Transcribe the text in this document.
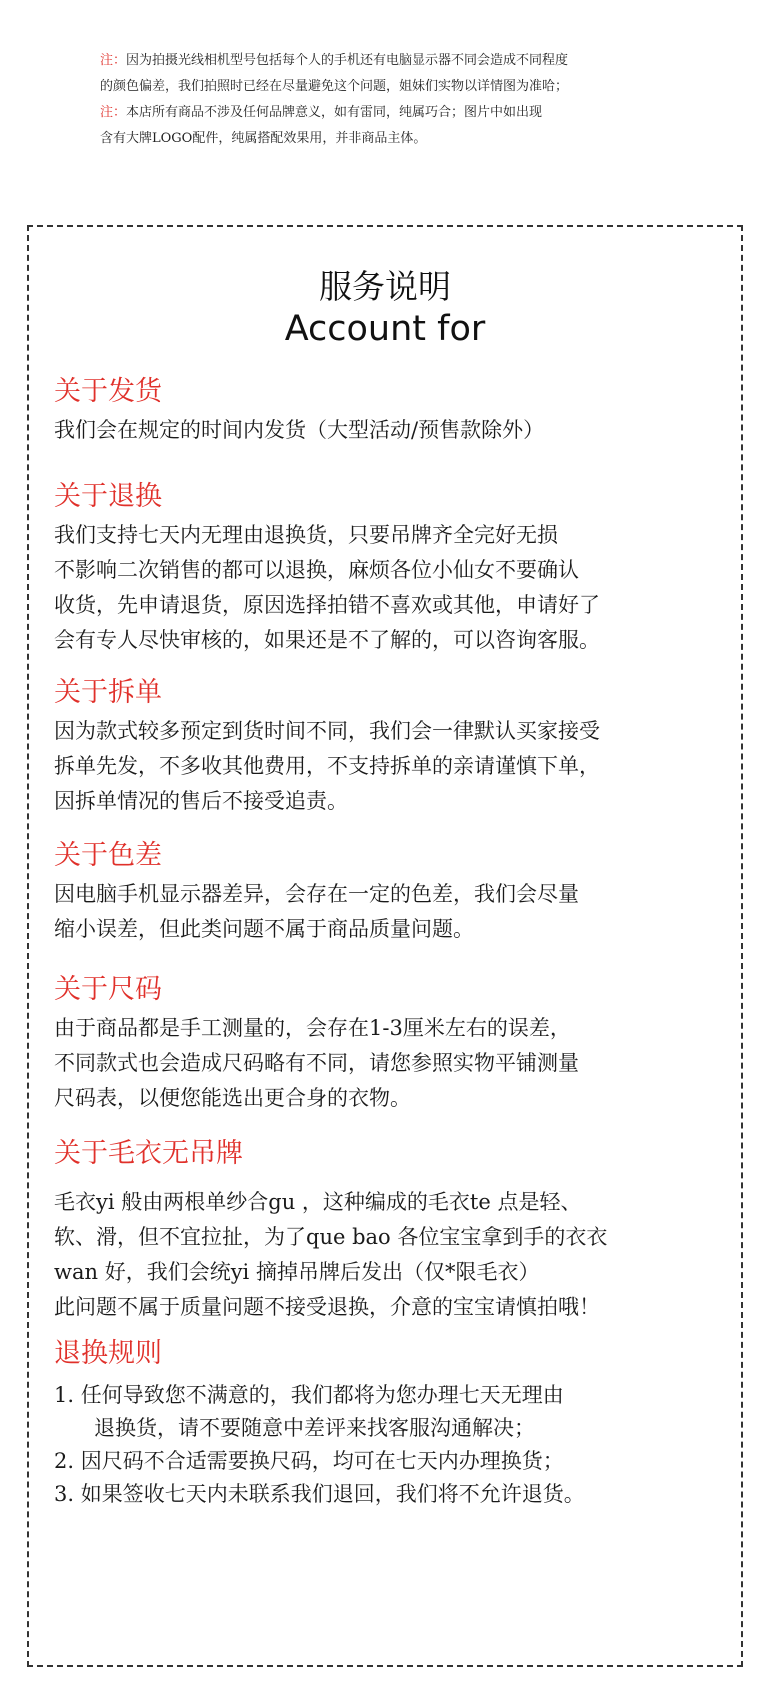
注：因为拍摄光线相机型号包括每个人的手机还有电脑显示器不同会造成不同程度
的颜色偏差，我们拍照时已经在尽量避免这个问题，姐妹们实物以详情图为准哈；
注：本店所有商品不涉及任何品牌意义，如有雷同，纯属巧合；图片中如出现
含有大牌LOGO配件，纯属搭配效果用，并非商品主体。
服务说明
Account for
关于发货
我们会在规定的时间内发货（大型活动/预售款除外）
关于退换
我们支持七天内无理由退换货，只要吊牌齐全完好无损
不影响二次销售的都可以退换，麻烦各位小仙女不要确认
收货，先申请退货，原因选择拍错不喜欢或其他，申请好了
会有专人尽快审核的，如果还是不了解的，可以咨询客服。
关于拆单
因为款式较多预定到货时间不同，我们会一律默认买家接受
拆单先发，不多收其他费用，不支持拆单的亲请谨慎下单，
因拆单情况的售后不接受追责。
关于色差
因电脑手机显示器差异，会存在一定的色差，我们会尽量
缩小误差，但此类问题不属于商品质量问题。
关于尺码
由于商品都是手工测量的，会存在1-3厘米左右的误差，
不同款式也会造成尺码略有不同，请您参照实物平铺测量
尺码表，以便您能选出更合身的衣物。
关于毛衣无吊牌
毛衣yi 般由两根单纱合gu ，这种编成的毛衣te 点是轻、
软、滑，但不宜拉扯，为了que bao 各位宝宝拿到手的衣衣
wan 好，我们会统yi 摘掉吊牌后发出（仅*限毛衣）
此问题不属于质量问题不接受退换，介意的宝宝请慎拍哦！
退换规则
1. 任何导致您不满意的，我们都将为您办理七天无理由
退换货，请不要随意中差评来找客服沟通解决；
2. 因尺码不合适需要换尺码，均可在七天内办理换货；
3. 如果签收七天内未联系我们退回，我们将不允许退货。
